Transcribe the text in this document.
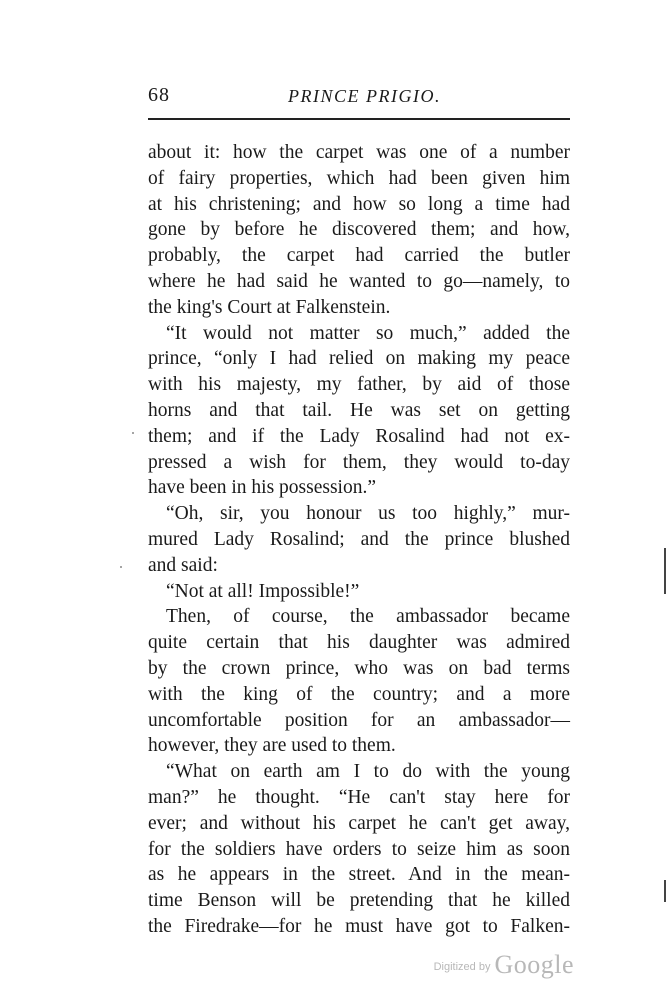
68	PRINCE PRIGIO.
about it: how the carpet was one of a number
of fairy properties, which had been given him
at his christening; and how so long a time had
gone by before he discovered them; and how,
probably, the carpet had carried the butler
where he had said he wanted to go—namely, to
the king's Court at Falkenstein.
“It would not matter so much,” added the
prince, “only I had relied on making my peace
with his majesty, my father, by aid of those
horns and that tail. He was set on getting
them; and if the Lady Rosalind had not ex-
pressed a wish for them, they would to-day
have been in his possession.”
“Oh, sir, you honour us too highly,” mur-
mured Lady Rosalind; and the prince blushed
and said:
“Not at all! Impossible!”
Then, of course, the ambassador became
quite certain that his daughter was admired
by the crown prince, who was on bad terms
with the king of the country; and a more
uncomfortable position for an ambassador—
however, they are used to them.
“What on earth am I to do with the young
man?” he thought. “He can't stay here for
ever; and without his carpet he can't get away,
for the soldiers have orders to seize him as soon
as he appears in the street. And in the mean-
time Benson will be pretending that he killed
the Firedrake—for he must have got to Falken-
Digitized by Google
